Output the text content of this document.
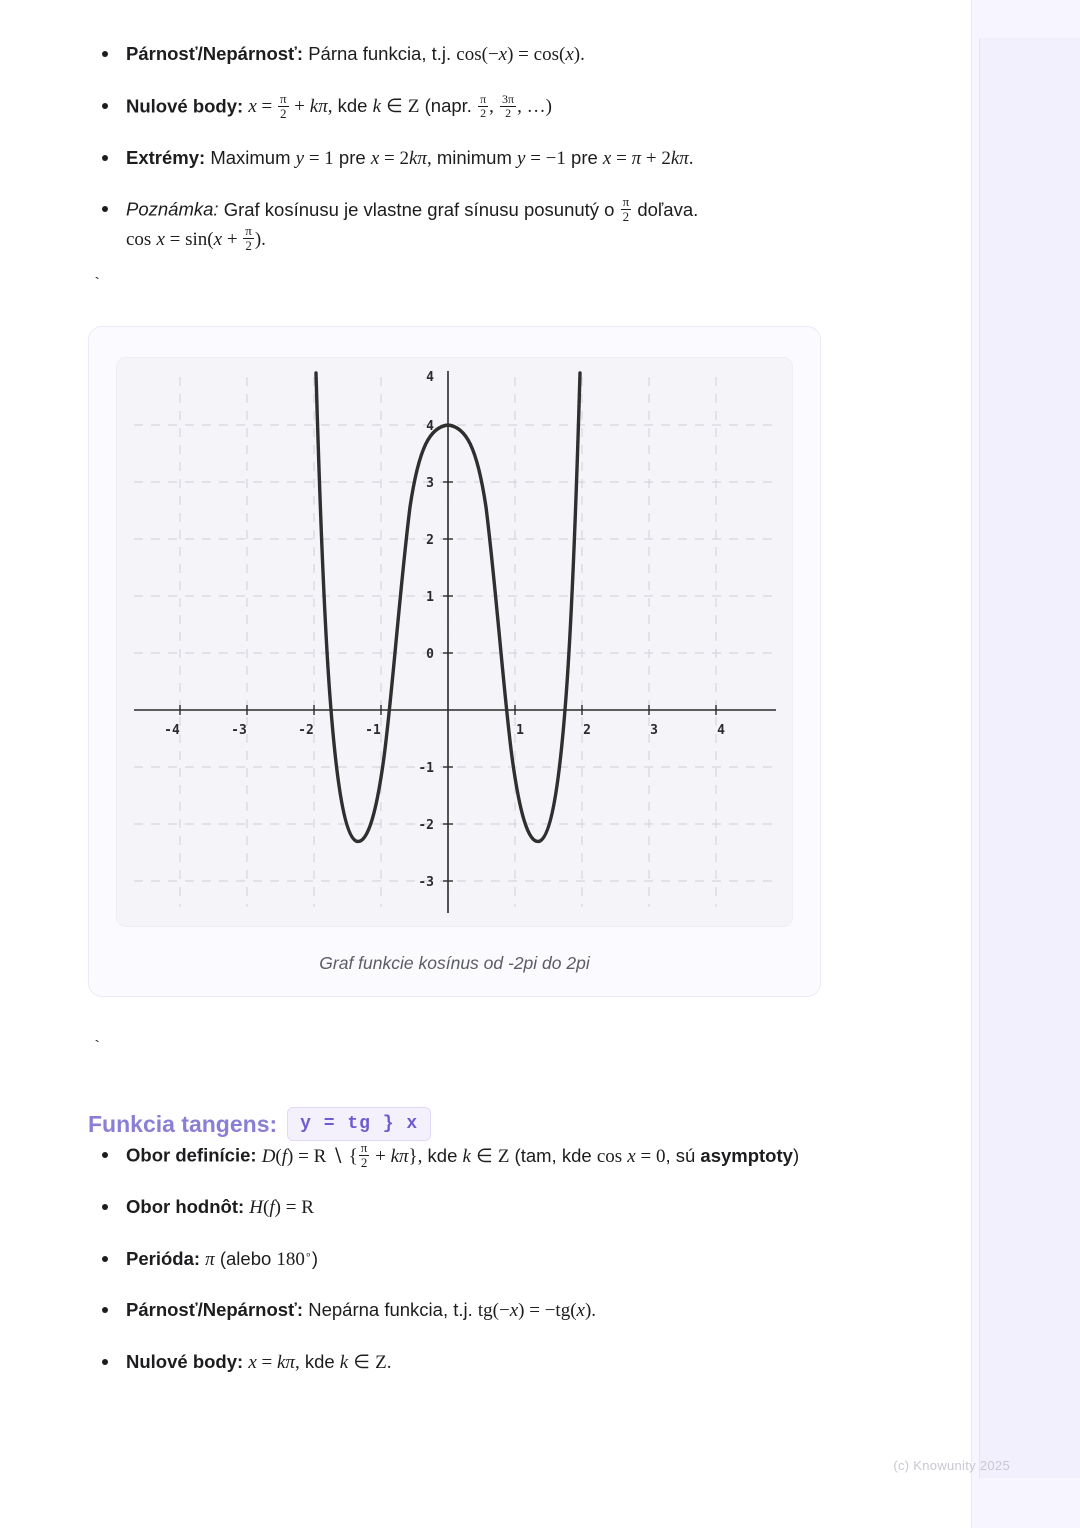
Párnosť/Nepárnosť: Párna funkcia, t.j. cos(−x) = cos(x).
Nulové body: $x = \frac{\pi}{2} + k\pi$, kde k ∈ Z (napr. $\frac{\pi}{2}$ , $\frac{3\pi}{2}$ , …)
Extrémy: Maximum y = 1 pre x = 2kπ, minimum y = −1 pre x = π + 2kπ.
Poznámka: Graf kosínusu je vlastne graf sínusu posunutý o $\frac{\pi}{2}$ doľava.
$\cos x = \sin(x + \frac{\pi}{2}$ ).
`
-4	-3	-2	-1	1	2	3	4
4
4
3
2
1
0
-1
-2
-3
Graf funkcie kosínus od -2pi do 2pi
`
Funkcia tangens:	y = tg } x
Obor definície: D(f) = R ∖ { $\frac{\pi}{2} + k\pi$}, kde k ∈ Z (tam, kde cos x = 0, sú asymptoty)
Obor hodnôt: H(f) = R
Perióda: π (alebo 180∘)
Párnosť/Nepárnosť: Nepárna funkcia, t.j. tg(−x) = −tg(x).
Nulové body: x = kπ, kde k ∈ Z.
(c) Knowunity 2025
